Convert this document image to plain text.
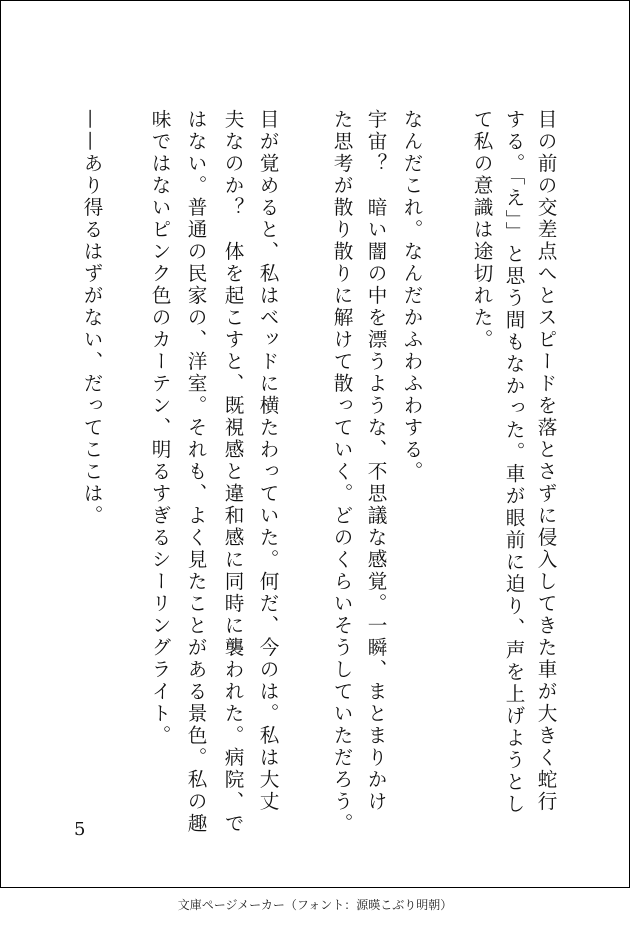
目の前の交差点へとスピードを落とさずに侵入してきた車が大きく蛇行
する。「え」」と思う間もなかった。車が眼前に迫り、声を上げようとし
て私の意識は途切れた。
なんだこれ。なんだかふわふわする。
宇宙？　暗い闇の中を漂うような、不思議な感覚。一瞬、まとまりかけ
た思考が散り散りに解けて散っていく。どのくらいそうしていただろう。
目が覚めると、私はベッドに横たわっていた。何だ、今のは。私は大丈
夫なのか？　体を起こすと、既視感と違和感に同時に襲われた。病院、で
はない。普通の民家の、洋室。それも、よく見たことがある景色。私の趣
味ではないピンク色のカーテン、明るすぎるシーリングライト。
——あり得るはずがない、だってここは。
5
文庫ページメーカー（フォント：源暎こぶり明朝）
